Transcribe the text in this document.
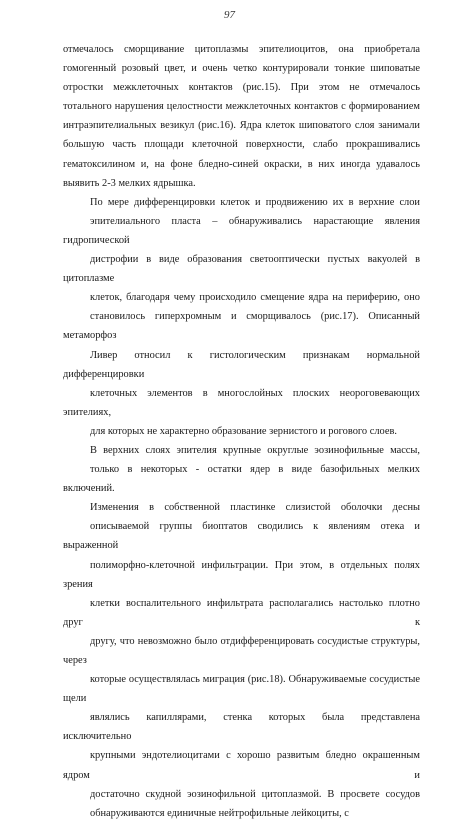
97

отмечалось сморщивание цитоплазмы эпителиоцитов, она приобретала
гомогенный розовый цвет, и очень четко контурировали тонкие шиповатые
отростки межклеточных контактов (рис.15). При этом не отмечалось
тотального нарушения целостности межклеточных контактов с формированием
интраэпителиальных везикул (рис.16). Ядра клеток шиповатого слоя занимали
большую часть площади клеточной поверхности, слабо прокрашивались
гематоксилином и, на фоне бледно-синей окраски, в них иногда удавалось
выявить 2-3 мелких ядрышка.

По мере дифференцировки клеток и продвижению их в верхние слои
эпителиального пласта – обнаруживались нарастающие явления гидропической
дистрофии в виде образования светооптически пустых вакуолей в цитоплазме
клеток, благодаря чему происходило смещение ядра на периферию, оно
становилось гиперхромным и сморщивалось (рис.17). Описанный метаморфоз
Ливер относил к гистологическим признакам нормальной дифференцировки
клеточных элементов в многослойных плоских неороговевающих эпителиях,
для которых не характерно образование зернистого и рогового слоев.

В верхних слоях эпителия крупные округлые эозинофильные массы,
только в некоторых - остатки ядер в виде базофильных мелких включений.

Изменения в собственной пластинке слизистой оболочки десны
описываемой группы биоптатов сводились к явлениям отека и выраженной
полиморфно-клеточной инфильтрации. При этом, в отдельных полях зрения
клетки воспалительного инфильтрата располагались настолько плотно друг к
другу, что невозможно было отдифференцировать сосудистые структуры, через
которые осуществлялась миграция (рис.18). Обнаруживаемые сосудистые щели
являлись капиллярами, стенка которых была представлена исключительно
крупными эндотелиоцитами с хорошо развитым бледно окрашенным ядром и
достаточно скудной эозинофильной цитоплазмой. В просвете сосудов
обнаруживаются единичные нейтрофильные лейкоциты, с
